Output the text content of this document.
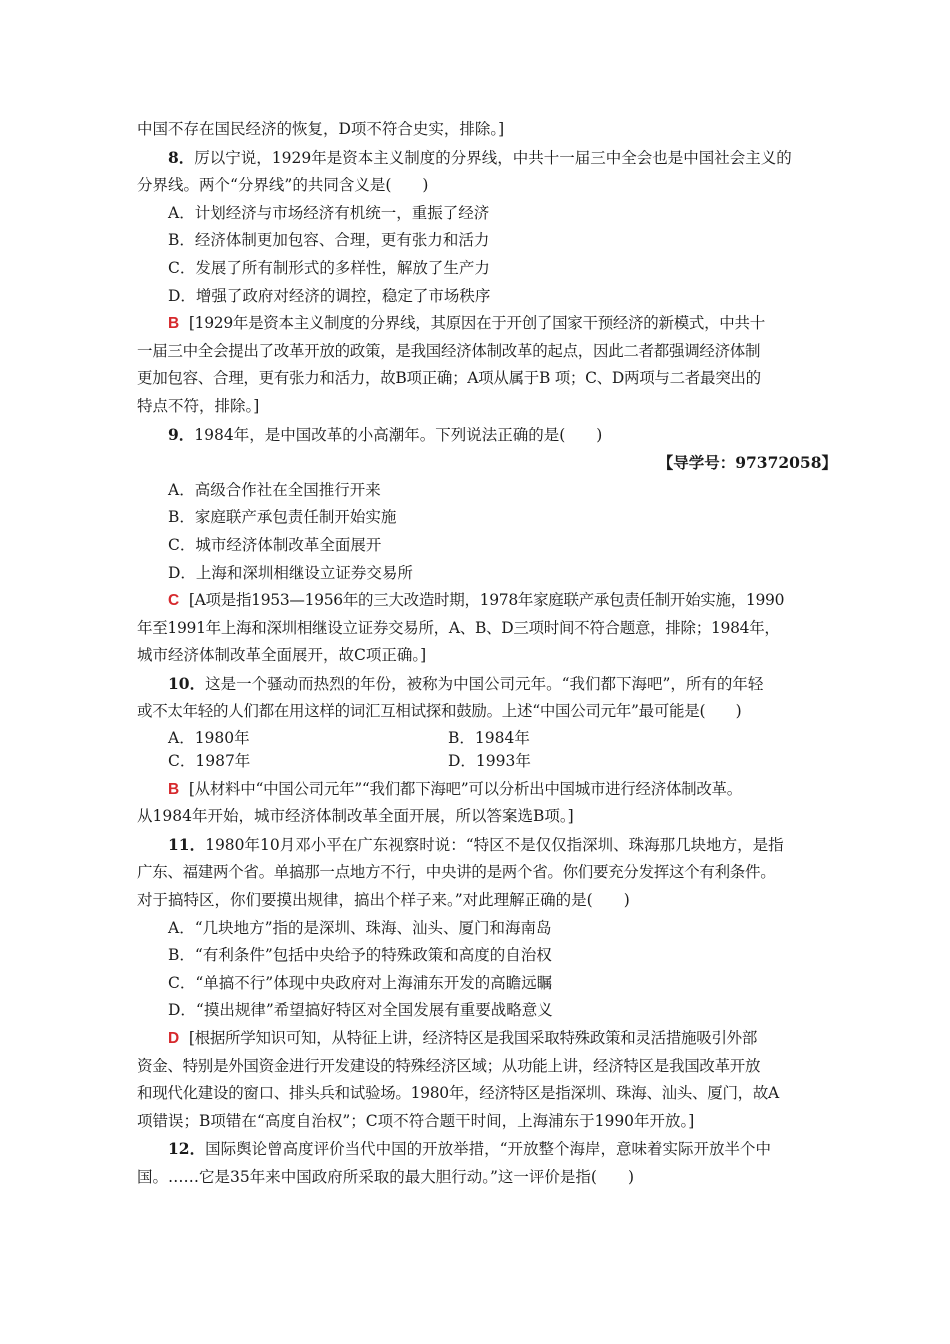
中国不存在国民经济的恢复，D项不符合史实，排除。]

8．厉以宁说，1929年是资本主义制度的分界线，中共十一届三中全会也是中国社会主义的

分界线。两个“分界线”的共同含义是(　　)

A．计划经济与市场经济有机统一，重振了经济

B．经济体制更加包容、合理，更有张力和活力

C．发展了所有制形式的多样性，解放了生产力

D．增强了政府对经济的调控，稳定了市场秩序

B [1929年是资本主义制度的分界线，其原因在于开创了国家干预经济的新模式，中共十

一届三中全会提出了改革开放的政策，是我国经济体制改革的起点，因此二者都强调经济体制

更加包容、合理，更有张力和活力，故B项正确；A项从属于B 项；C、D两项与二者最突出的

特点不符，排除。]

9．1984年，是中国改革的小高潮年。下列说法正确的是(　　)

【导学号：97372058】

A．高级合作社在全国推行开来

B．家庭联产承包责任制开始实施

C．城市经济体制改革全面展开

D．上海和深圳相继设立证券交易所

C [A项是指1953—1956年的三大改造时期，1978年家庭联产承包责任制开始实施，1990

年至1991年上海和深圳相继设立证券交易所，A、B、D三项时间不符合题意，排除；1984年，

城市经济体制改革全面展开，故C项正确。]

10．这是一个骚动而热烈的年份，被称为中国公司元年。“我们都下海吧”，所有的年轻

或不太年轻的人们都在用这样的词汇互相试探和鼓励。上述“中国公司元年”最可能是(　　)

A．1980年	B．1984年
C．1987年	D．1993年

B [从材料中“中国公司元年”“我们都下海吧”可以分析出中国城市进行经济体制改革。

从1984年开始，城市经济体制改革全面开展，所以答案选B项。]

11．1980年10月邓小平在广东视察时说：“特区不是仅仅指深圳、珠海那几块地方，是指

广东、福建两个省。单搞那一点地方不行，中央讲的是两个省。你们要充分发挥这个有利条件。

对于搞特区，你们要摸出规律，搞出个样子来。”对此理解正确的是(　　)

A．“几块地方”指的是深圳、珠海、汕头、厦门和海南岛

B．“有利条件”包括中央给予的特殊政策和高度的自治权

C．“单搞不行”体现中央政府对上海浦东开发的高瞻远瞩

D．“摸出规律”希望搞好特区对全国发展有重要战略意义

D [根据所学知识可知，从特征上讲，经济特区是我国采取特殊政策和灵活措施吸引外部

资金、特别是外国资金进行开发建设的特殊经济区域；从功能上讲，经济特区是我国改革开放

和现代化建设的窗口、排头兵和试验场。1980年，经济特区是指深圳、珠海、汕头、厦门，故A

项错误；B项错在“高度自治权”；C项不符合题干时间，上海浦东于1990年开放。]

12．国际舆论曾高度评价当代中国的开放举措，“开放整个海岸，意味着实际开放半个中

国。……它是35年来中国政府所采取的最大胆行动。”这一评价是指(　　)
